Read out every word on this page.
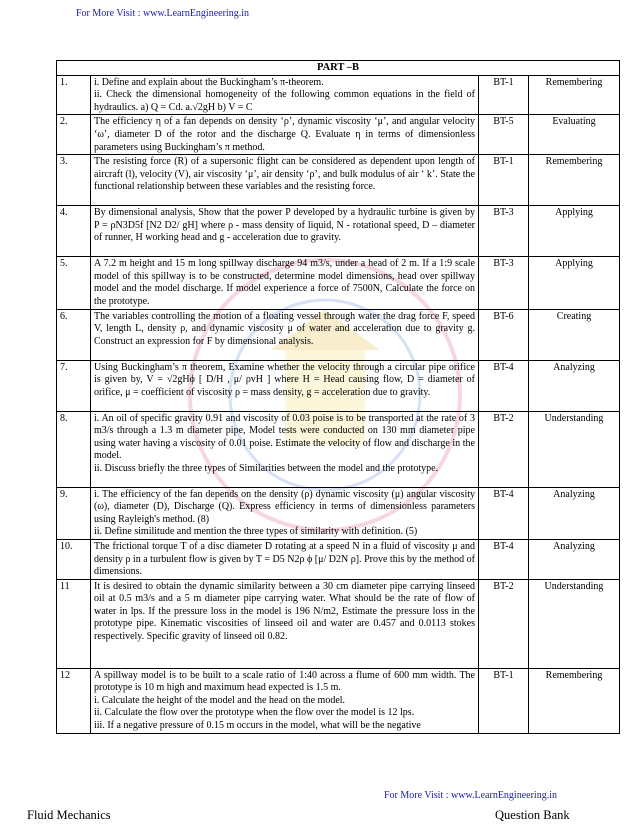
For More Visit : www.LearnEngineering.in
PART –B			
1.	i. Define and explain about the Buckingham’s π-theorem.
ii. Check the dimensional homogeneity of the following common equations in the field of hydraulics. a) Q = Cd. a.√2gH b) V = C	BT-1	Remembering
2.	The efficiency η of a fan depends on density ‘ρ’, dynamic viscosity ‘μ’, and angular velocity ‘ω’, diameter D of the rotor and the discharge Q. Evaluate η in terms of dimensionless parameters using Buckingham’s π method.	BT-5	Evaluating
3.	The resisting force (R) of a supersonic flight can be considered as dependent upon length of aircraft (l), velocity (V), air viscosity ‘μ’, air density ‘ρ’, and bulk modulus of air ‘ k’. State the functional relationship between these variables and the resisting force.	BT-1	Remembering
4.	By dimensional analysis, Show that the power P developed by a hydraulic turbine is given by P = ρN3D5f [N2 D2/ gH] where ρ - mass density of liquid, N - rotational speed, D – diameter of runner, H working head and g - acceleration due to gravity.	BT-3	Applying
5.	A 7.2 m height and 15 m long spillway discharge 94 m3/s, under a head of 2 m. If a 1:9 scale model of this spillway is to be constructed, determine model dimensions, head over spillway model and the model discharge. If model experience a force of 7500N, Calculate the force on the prototype.	BT-3	Applying
6.	The variables controlling the motion of a floating vessel through water the drag force F, speed V, length L, density ρ, and dynamic viscosity μ of water and acceleration due to gravity g. Construct an expression for F by dimensional analysis.	BT-6	Creating
7.	Using Buckingham’s π theorem, Examine whether the velocity through a circular pipe orifice is given by, V = √2gHϕ [ D/H , μ/ ρvH ] where H = Head causing flow, D = diameter of orifice, μ = coefficient of viscosity ρ = mass density, g = acceleration due to gravity.	BT-4	Analyzing
8.	i. An oil of specific gravity 0.91 and viscosity of 0.03 poise is to be transported at the rate of 3 m3/s through a 1.3 m diameter pipe, Model tests were conducted on 130 mm diameter pipe using water having a viscosity of 0.01 poise. Estimate the velocity of flow and discharge in the model.
ii. Discuss briefly the three types of Similarities between the model and the prototype.	BT-2	Understanding
9.	i. The efficiency of the fan depends on the density (ρ) dynamic viscosity (μ) angular viscosity (ω), diameter (D), Discharge (Q). Express efficiency in terms of dimensionless parameters using Rayleigh's method. (8)
ii. Define similitude and mention the three types of similarity with definition. (5)	BT-4	Analyzing
10.	The frictional torque T of a disc diameter D rotating at a speed N in a fluid of viscosity μ and density ρ in a turbulent flow is given by T = D5 N2ρ ϕ [μ/ D2N ρ]. Prove this by the method of dimensions.	BT-4	Analyzing
11	It is desired to obtain the dynamic similarity between a 30 cm diameter pipe carrying linseed oil at 0.5 m3/s and a 5 m diameter pipe carrying water. What should be the rate of flow of water in lps. If the pressure loss in the model is 196 N/m2, Estimate the pressure loss in the prototype pipe. Kinematic viscosities of linseed oil and water are 0.457 and 0.0113 stokes respectively. Specific gravity of linseed oil 0.82.	BT-2	Understanding
12	A spillway model is to be built to a scale ratio of 1:40 across a flume of 600 mm width. The prototype is 10 m high and maximum head expected is 1.5 m.
i. Calculate the height of the model and the head on the model.
ii. Calculate the flow over the prototype when the flow over the model is 12 lps.
iii. If a negative pressure of 0.15 m occurs in the model, what will be the negative	BT-1	Remembering
For More Visit : www.LearnEngineering.in
Fluid Mechanics	Question Bank
